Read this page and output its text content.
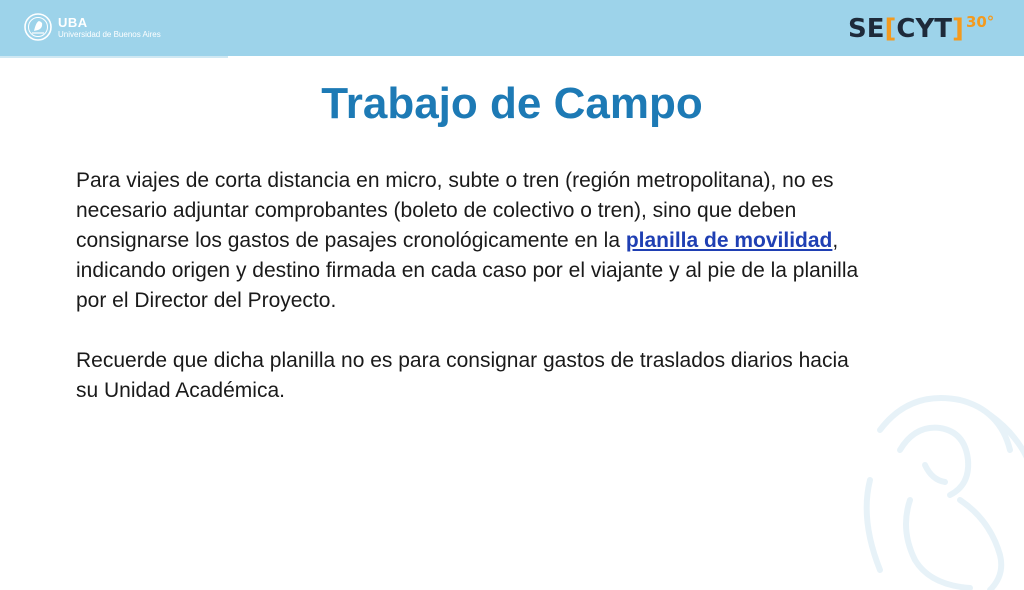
UBA
Universidad de Buenos Aires	SE [ CYT ] 30°
Trabajo de Campo

Para viajes de corta distancia en micro, subte o tren (región metropolitana), no es necesario adjuntar comprobantes (boleto de colectivo o tren), sino que deben consignarse los gastos de pasajes cronológicamente en la planilla de movilidad, indicando origen y destino firmada en cada caso por el viajante y al pie de la planilla por el Director del Proyecto.

Recuerde que dicha planilla no es para consignar gastos de traslados diarios hacia su Unidad Académica.
